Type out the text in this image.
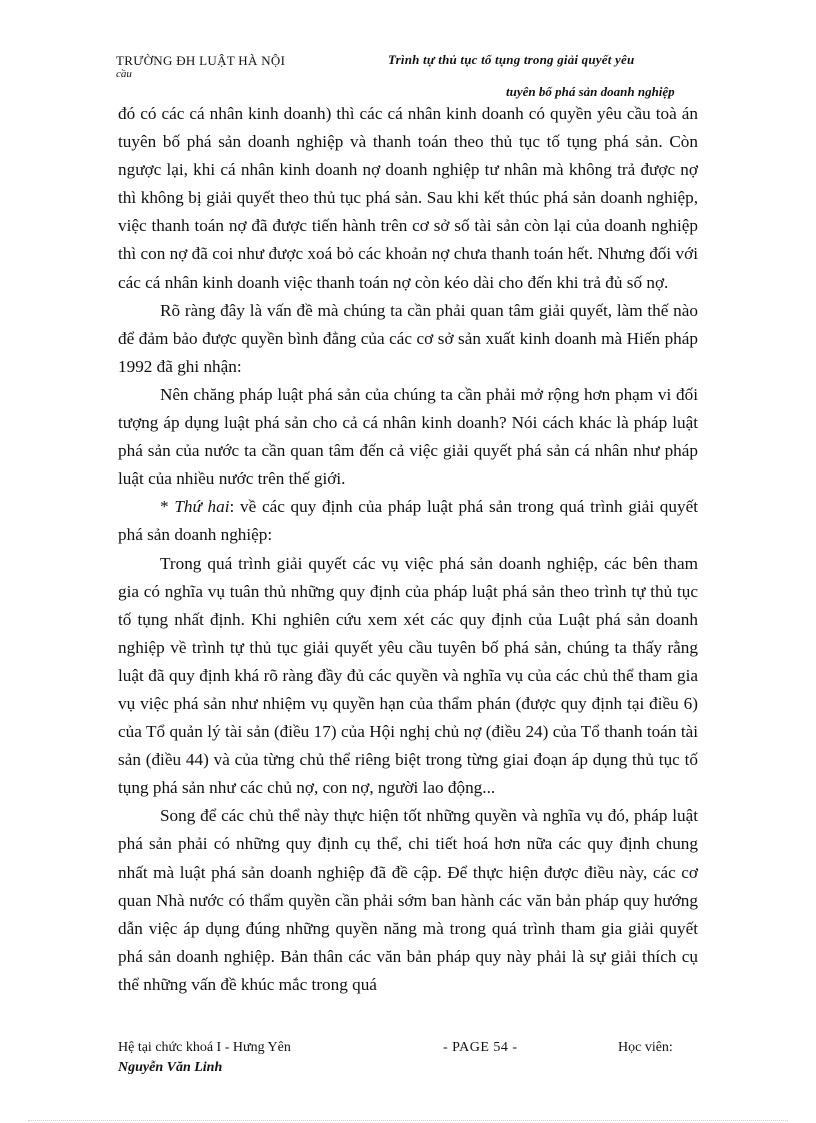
TRƯỜNG ĐH LUẬT HÀ NỘI
cầu
Trình tự thủ tục tố tụng trong giải quyết yêu
tuyên bố phá sản doanh nghiệp

đó có các cá nhân kinh doanh) thì các cá nhân kinh doanh có quyền yêu cầu toà án tuyên bố phá sản doanh nghiệp và thanh toán theo thủ tục tố tụng phá sản. Còn ngược lại, khi cá nhân kinh doanh nợ doanh nghiệp tư nhân mà không trả được nợ thì không bị giải quyết theo thủ tục phá sản. Sau khi kết thúc phá sản doanh nghiệp, việc thanh toán nợ đã được tiến hành trên cơ sở số tài sản còn lại của doanh nghiệp thì con nợ đã coi như được xoá bỏ các khoản nợ chưa thanh toán hết. Nhưng đối với các cá nhân kinh doanh việc thanh toán nợ còn kéo dài cho đến khi trả đủ số nợ.

Rõ ràng đây là vấn đề mà chúng ta cần phải quan tâm giải quyết, làm thế nào để đảm bảo được quyền bình đẳng của các cơ sở sản xuất kinh doanh mà Hiến pháp 1992 đã ghi nhận:

Nên chăng pháp luật phá sản của chúng ta cần phải mở rộng hơn phạm vi đối tượng áp dụng luật phá sản cho cả cá nhân kinh doanh? Nói cách khác là pháp luật phá sản của nước ta cần quan tâm đến cả việc giải quyết phá sản cá nhân như pháp luật của nhiều nước trên thế giới.

* Thứ hai: về các quy định của pháp luật phá sản trong quá trình giải quyết phá sản doanh nghiệp:

Trong quá trình giải quyết các vụ việc phá sản doanh nghiệp, các bên tham gia có nghĩa vụ tuân thủ những quy định của pháp luật phá sản theo trình tự thủ tục tố tụng nhất định. Khi nghiên cứu xem xét các quy định của Luật phá sản doanh nghiệp về trình tự thủ tục giải quyết yêu cầu tuyên bố phá sản, chúng ta thấy rằng luật đã quy định khá rõ ràng đầy đủ các quyền và nghĩa vụ của các chủ thể tham gia vụ việc phá sản như nhiệm vụ quyền hạn của thẩm phán (được quy định tại điều 6) của Tổ quản lý tài sản (điều 17) của Hội nghị chủ nợ (điều 24) của Tổ thanh toán tài sản (điều 44) và của từng chủ thể riêng biệt trong từng giai đoạn áp dụng thủ tục tố tụng phá sản như các chủ nợ, con nợ, người lao động...

Song để các chủ thể này thực hiện tốt những quyền và nghĩa vụ đó, pháp luật phá sản phải có những quy định cụ thể, chi tiết hoá hơn nữa các quy định chung nhất mà luật phá sản doanh nghiệp đã đề cập. Để thực hiện được điều này, các cơ quan Nhà nước có thẩm quyền cần phải sớm ban hành các văn bản pháp quy hướng dẫn việc áp dụng đúng những quyền năng mà trong quá trình tham gia giải quyết phá sản doanh nghiệp. Bản thân các văn bản pháp quy này phải là sự giải thích cụ thể những vấn đề khúc mắc trong quá

Hệ tại chức khoá I - Hưng Yên	- PAGE 54 -	Học viên:
Nguyễn Văn Linh
